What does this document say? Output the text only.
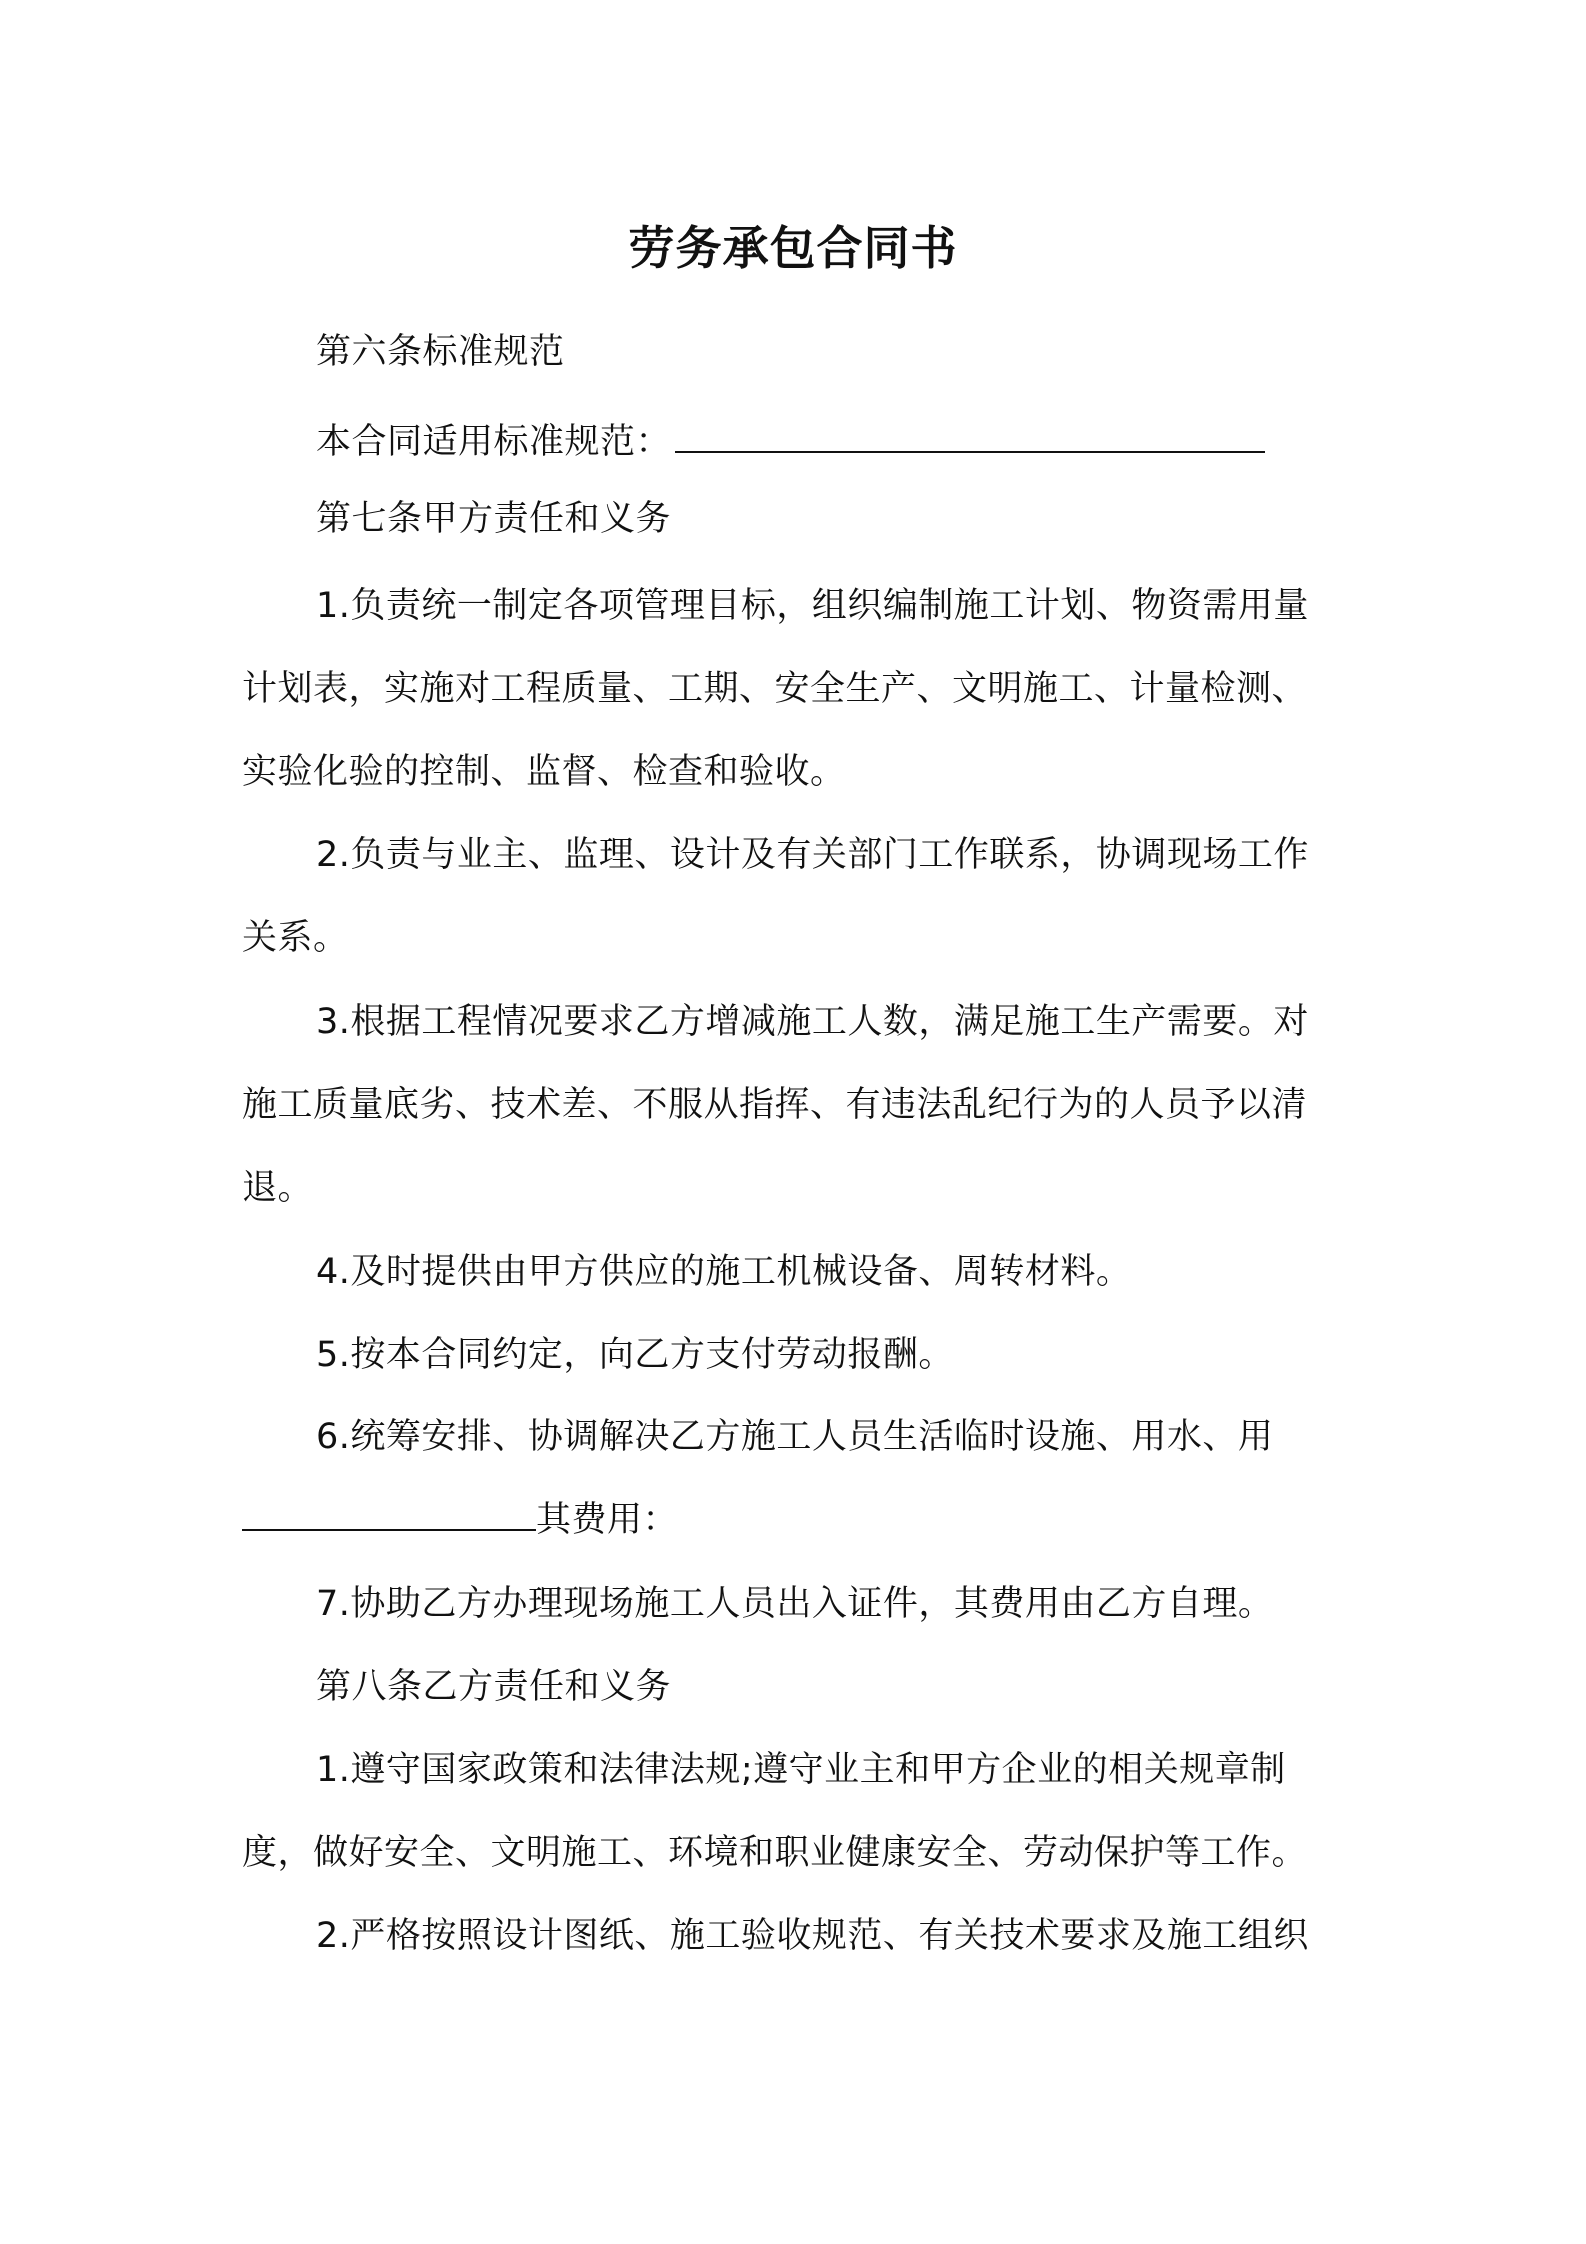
劳务承包合同书
第六条标准规范
本合同适用标准规范：
第七条甲方责任和义务
1.负责统一制定各项管理目标，组织编制施工计划、物资需用量
计划表，实施对工程质量、工期、安全生产、文明施工、计量检测、
实验化验的控制、监督、检查和验收。
2.负责与业主、监理、设计及有关部门工作联系，协调现场工作
关系。
3.根据工程情况要求乙方增减施工人数，满足施工生产需要。对
施工质量底劣、技术差、不服从指挥、有违法乱纪行为的人员予以清
退。
4.及时提供由甲方供应的施工机械设备、周转材料。
5.按本合同约定，向乙方支付劳动报酬。
6.统筹安排、协调解决乙方施工人员生活临时设施、用水、用
其费用：
7.协助乙方办理现场施工人员出入证件，其费用由乙方自理。
第八条乙方责任和义务
1.遵守国家政策和法律法规;遵守业主和甲方企业的相关规章制
度，做好安全、文明施工、环境和职业健康安全、劳动保护等工作。
2.严格按照设计图纸、施工验收规范、有关技术要求及施工组织
